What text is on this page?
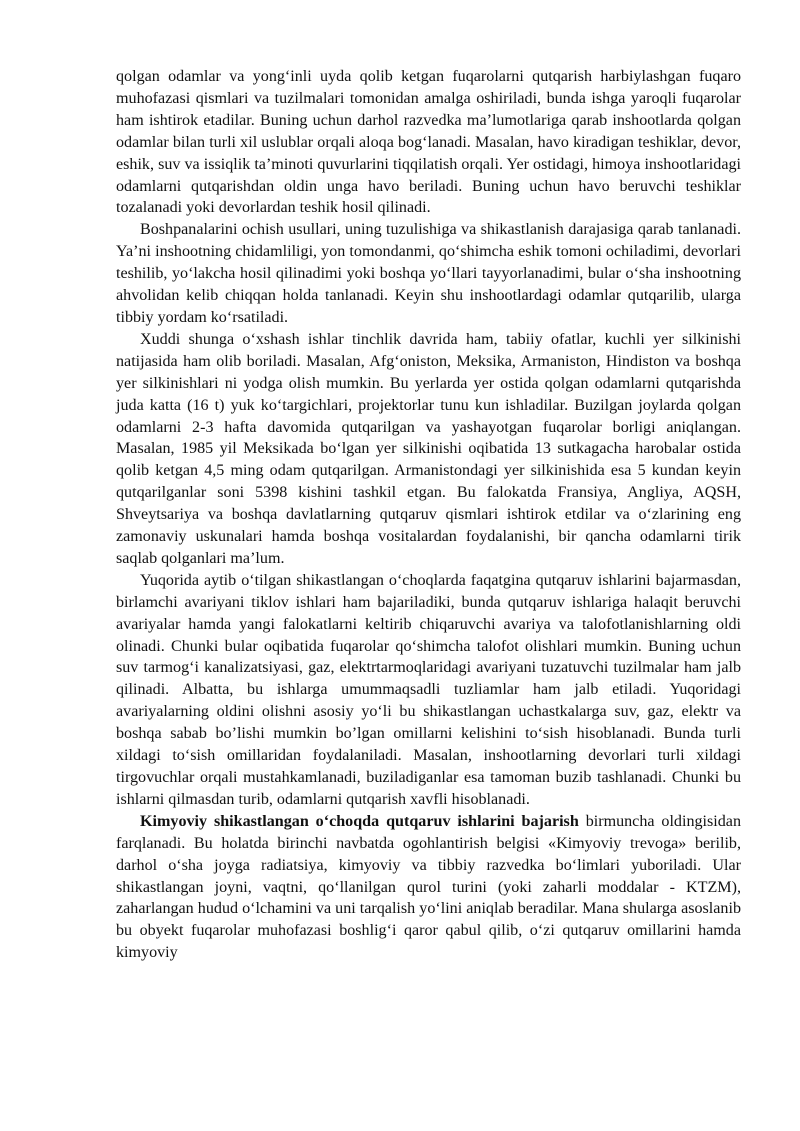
qolgan odamlar va yong‘inli uyda qolib ketgan fuqarolarni qutqarish harbiylashgan fuqaro muhofazasi qismlari va tuzilmalari tomonidan amalga oshiriladi, bunda ishga yaroqli fuqarolar ham ishtirok etadilar. Buning uchun darhol razvedka ma’lumotlariga qarab inshootlarda qolgan odamlar bilan turli xil uslublar orqali aloqa bog‘lanadi. Masalan, havo kiradigan teshiklar, devor, eshik, suv va issiqlik ta’minoti quvurlarini tiqqilatish orqali. Yer ostidagi, himoya inshootlaridagi odamlarni qutqarishdan oldin unga havo beriladi. Buning uchun havo beruvchi teshiklar tozalanadi yoki devorlardan teshik hosil qilinadi.

Boshpanalarini ochish usullari, uning tuzulishiga va shikastlanish darajasiga qarab tanlanadi. Ya’ni inshootning chidamliligi, yon tomondanmi, qo‘shimcha eshik tomoni ochiladimi, devorlari teshilib, yo‘lakcha hosil qilinadimi yoki boshqa yo‘llari tayyorlanadimi, bular o‘sha inshootning ahvolidan kelib chiqqan holda tanlanadi. Keyin shu inshootlardagi odamlar qutqarilib, ularga tibbiy yordam ko‘rsatiladi.

Xuddi shunga o‘xshash ishlar tinchlik davrida ham, tabiiy ofatlar, kuchli yer silkinishi natijasida ham olib boriladi. Masalan, Afg‘oniston, Meksika, Armaniston, Hindiston va boshqa yer silkinishlari ni yodga olish mumkin. Bu yerlarda yer ostida qolgan odamlarni qutqarishda juda katta (16 t) yuk ko‘targichlari, projektorlar tunu kun ishladilar. Buzilgan joylarda qolgan odamlarni 2-3 hafta davomida qutqarilgan va yashayotgan fuqarolar borligi aniqlangan. Masalan, 1985 yil Meksikada bo‘lgan yer silkinishi oqibatida 13 sutkagacha harobalar ostida qolib ketgan 4,5 ming odam qutqarilgan. Armanistondagi yer silkinishida esa 5 kundan keyin qutqarilganlar soni 5398 kishini tashkil etgan. Bu falokatda Fransiya, Angliya, AQSH, Shveytsariya va boshqa davlatlarning qutqaruv qismlari ishtirok etdilar va o‘zlarining eng zamonaviy uskunalari hamda boshqa vositalardan foydalanishi, bir qancha odamlarni tirik saqlab qolganlari ma’lum.

Yuqorida aytib o‘tilgan shikastlangan o‘choqlarda faqatgina qutqaruv ishlarini bajarmasdan, birlamchi avariyani tiklov ishlari ham bajariladiki, bunda qutqaruv ishlariga halaqit beruvchi avariyalar hamda yangi falokatlarni keltirib chiqaruvchi avariya va talofotlanishlarning oldi olinadi. Chunki bular oqibatida fuqarolar qo‘shimcha talofot olishlari mumkin. Buning uchun suv tarmog‘i kanalizatsiyasi, gaz, elektrtarmoqlaridagi avariyani tuzatuvchi tuzilmalar ham jalb qilinadi. Albatta, bu ishlarga umummaqsadli tuzliamlar ham jalb etiladi. Yuqoridagi avariyalarning oldini olishni asosiy yo‘li bu shikastlangan uchastkalarga suv, gaz, elektr va boshqa sabab bo’lishi mumkin bo’lgan omillarni kelishini to‘sish hisoblanadi. Bunda turli xildagi to‘sish omillaridan foydalaniladi. Masalan, inshootlarning devorlari turli xildagi tirgovuchlar orqali mustahkamlanadi, buziladiganlar esa tamoman buzib tashlanadi. Chunki bu ishlarni qilmasdan turib, odamlarni qutqarish xavfli hisoblanadi.

Kimyoviy shikastlangan o‘choqda qutqaruv ishlarini bajarish birmuncha oldingisidan farqlanadi. Bu holatda birinchi navbatda ogohlantirish belgisi «Kimyoviy trevoga» berilib, darhol o‘sha joyga radiatsiya, kimyoviy va tibbiy razvedka bo‘limlari yuboriladi. Ular shikastlangan joyni, vaqtni, qo‘llanilgan qurol turini (yoki zaharli moddalar - KTZM), zaharlangan hudud o‘lchamini va uni tarqalish yo‘lini aniqlab beradilar. Mana shularga asoslanib bu obyekt fuqarolar muhofazasi boshlig‘i qaror qabul qilib, o‘zi qutqaruv omillarini hamda kimyoviy
